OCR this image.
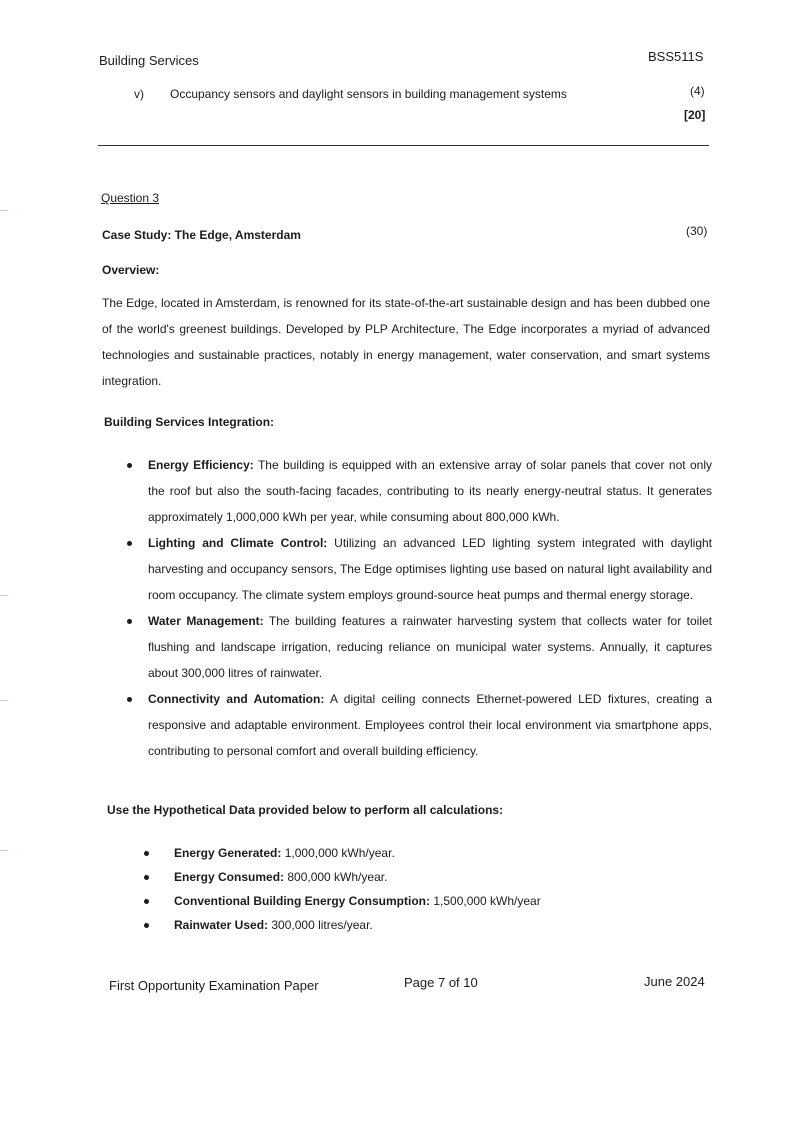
Building Services	BSS511S
v) Occupancy sensors and daylight sensors in building management systems	(4)
[20]
Question 3
Case Study: The Edge, Amsterdam	(30)
Overview:

The Edge, located in Amsterdam, is renowned for its state-of-the-art sustainable design and has been dubbed one of the world's greenest buildings. Developed by PLP Architecture, The Edge incorporates a myriad of advanced technologies and sustainable practices, notably in energy management, water conservation, and smart systems integration.

Building Services Integration:
Energy Efficiency: The building is equipped with an extensive array of solar panels that cover not only the roof but also the south-facing facades, contributing to its nearly energy-neutral status. It generates approximately 1,000,000 kWh per year, while consuming about 800,000 kWh.
Lighting and Climate Control: Utilizing an advanced LED lighting system integrated with daylight harvesting and occupancy sensors, The Edge optimises lighting use based on natural light availability and room occupancy. The climate system employs ground-source heat pumps and thermal energy storage.
Water Management: The building features a rainwater harvesting system that collects water for toilet flushing and landscape irrigation, reducing reliance on municipal water systems. Annually, it captures about 300,000 litres of rainwater.
Connectivity and Automation: A digital ceiling connects Ethernet-powered LED fixtures, creating a responsive and adaptable environment. Employees control their local environment via smartphone apps, contributing to personal comfort and overall building efficiency.
Use the Hypothetical Data provided below to perform all calculations:
Energy Generated: 1,000,000 kWh/year.
Energy Consumed: 800,000 kWh/year.
Conventional Building Energy Consumption: 1,500,000 kWh/year
Rainwater Used: 300,000 litres/year.
First Opportunity Examination Paper	Page 7 of 10	June 2024
